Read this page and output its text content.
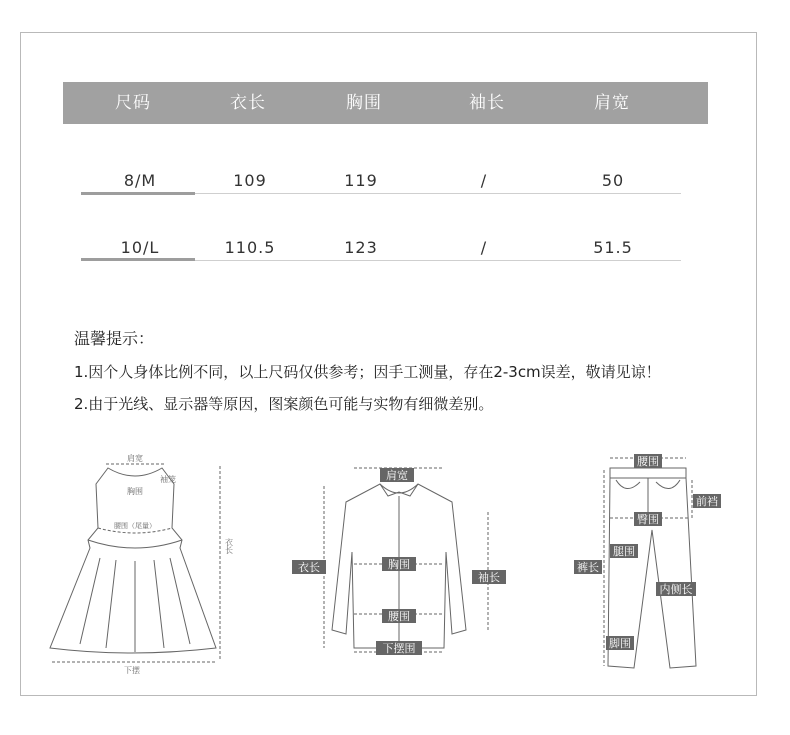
尺码	衣长	胸围	袖长	肩宽
8/M	109	119	/	50
10/L	110.5	123	/	51.5
温馨提示：
1.因个人身体比例不同，以上尺码仅供参考；因手工测量，存在2-3cm误差，敬请见谅！
2.由于光线、显示器等原因，图案颜色可能与实物有细微差别。
肩宽
袖笼
胸围
腰围（尾量）
衣长
下摆
肩宽
衣长	胸围
袖长
腰围
下摆围
腰围
前裆
臀围
腿围
裤长
内侧长
脚围
